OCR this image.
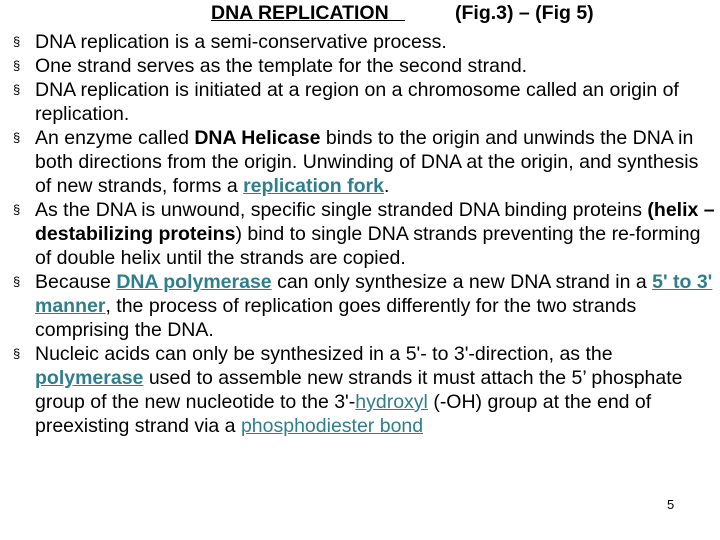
DNA REPLICATION	(Fig.3) – (Fig 5)
§ DNA replication is a semi-conservative process.
§ One strand serves as the template for the second strand.
§ DNA replication is initiated at a region on a chromosome called an origin of replication.
§ An enzyme called DNA Helicase binds to the origin and unwinds the DNA in both directions from the origin. Unwinding of DNA at the origin, and synthesis of new strands, forms a replication fork.
§ As the DNA is unwound, specific single stranded DNA binding proteins (helix –destabilizing proteins) bind to single DNA strands preventing the re-forming of double helix until the strands are copied.
§ Because DNA polymerase can only synthesize a new DNA strand in a 5' to 3' manner, the process of replication goes differently for the two strands comprising the DNA.
§ Nucleic acids can only be synthesized in a 5'- to 3'-direction, as the polymerase used to assemble new strands it must attach the 5’ phosphate group of the new nucleotide to the 3'-hydroxyl (-OH) group at the end of preexisting strand via a phosphodiester bond
5
